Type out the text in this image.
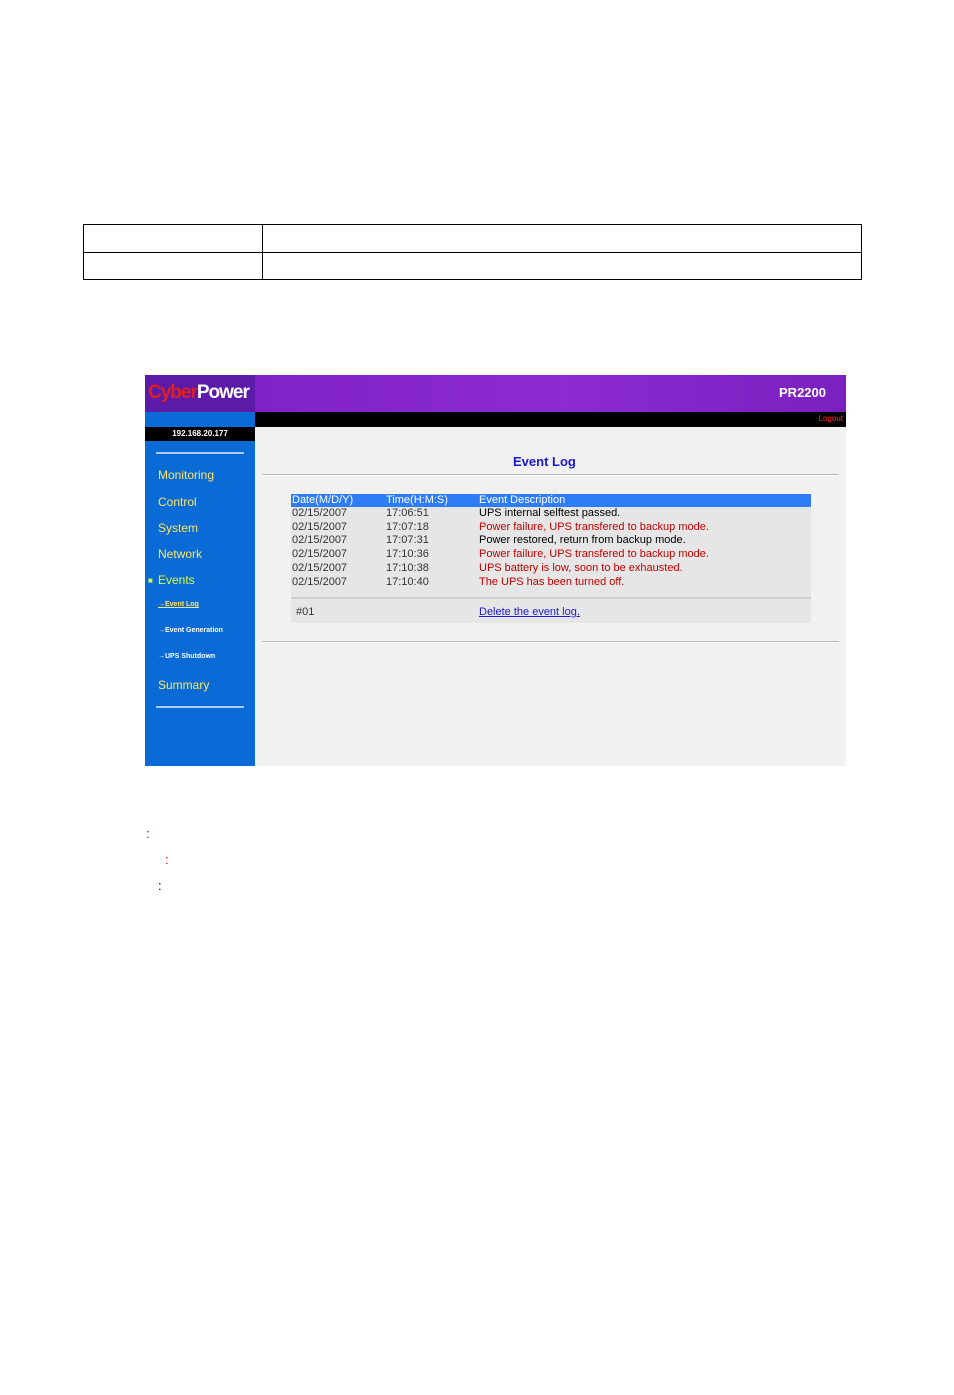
CyberPower	PR2200
Logout
192.168.20.177
Monitoring
Control
System
Network
■ Events
→Event Log
→Event Generation
→UPS Shutdown
Summary
Event Log
Date(M/D/Y)	Time(H:M:S)	Event Description
02/15/2007	17:06:51	UPS internal selftest passed.
02/15/2007	17:07:18	Power failure, UPS transfered to backup mode.
02/15/2007	17:07:31	Power restored, return from backup mode.
02/15/2007	17:10:36	Power failure, UPS transfered to backup mode.
02/15/2007	17:10:38	UPS battery is low, soon to be exhausted.
02/15/2007	17:10:40	The UPS has been turned off.
#01	Delete the event log.
:
:
:
